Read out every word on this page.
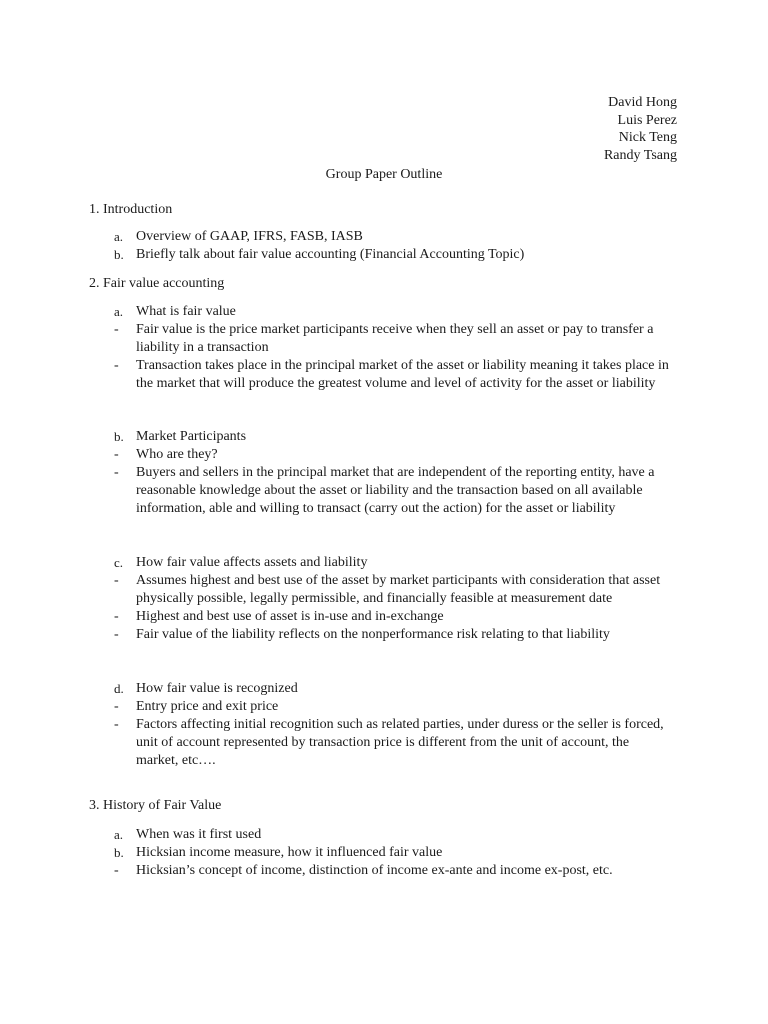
David Hong
Luis Perez
Nick Teng
Randy Tsang
Group Paper Outline
1. Introduction
a. Overview of GAAP, IFRS, FASB, IASB
b. Briefly talk about fair value accounting (Financial Accounting Topic)
2. Fair value accounting
a. What is fair value
-	Fair value is the price market participants receive when they sell an asset or pay to transfer a liability in a transaction
-	Transaction takes place in the principal market of the asset or liability meaning it takes place in the market that will produce the greatest volume and level of activity for the asset or liability
b. Market Participants
-	Who are they?
-	Buyers and sellers in the principal market that are independent of the reporting entity, have a reasonable knowledge about the asset or liability and the transaction based on all available information, able and willing to transact (carry out the action) for the asset or liability
c. How fair value affects assets and liability
-	Assumes highest and best use of the asset by market participants with consideration that asset physically possible, legally permissible, and financially feasible at measurement date
-	Highest and best use of asset is in-use and in-exchange
-	Fair value of the liability reflects on the nonperformance risk relating to that liability
d. How fair value is recognized
-	Entry price and exit price
-	Factors affecting initial recognition such as related parties, under duress or the seller is forced, unit of account represented by transaction price is different from the unit of account, the market, etc….
3. History of Fair Value
a. When was it first used
b. Hicksian income measure, how it influenced fair value
-	Hicksian’s concept of income, distinction of income ex-ante and income ex-post, etc.
